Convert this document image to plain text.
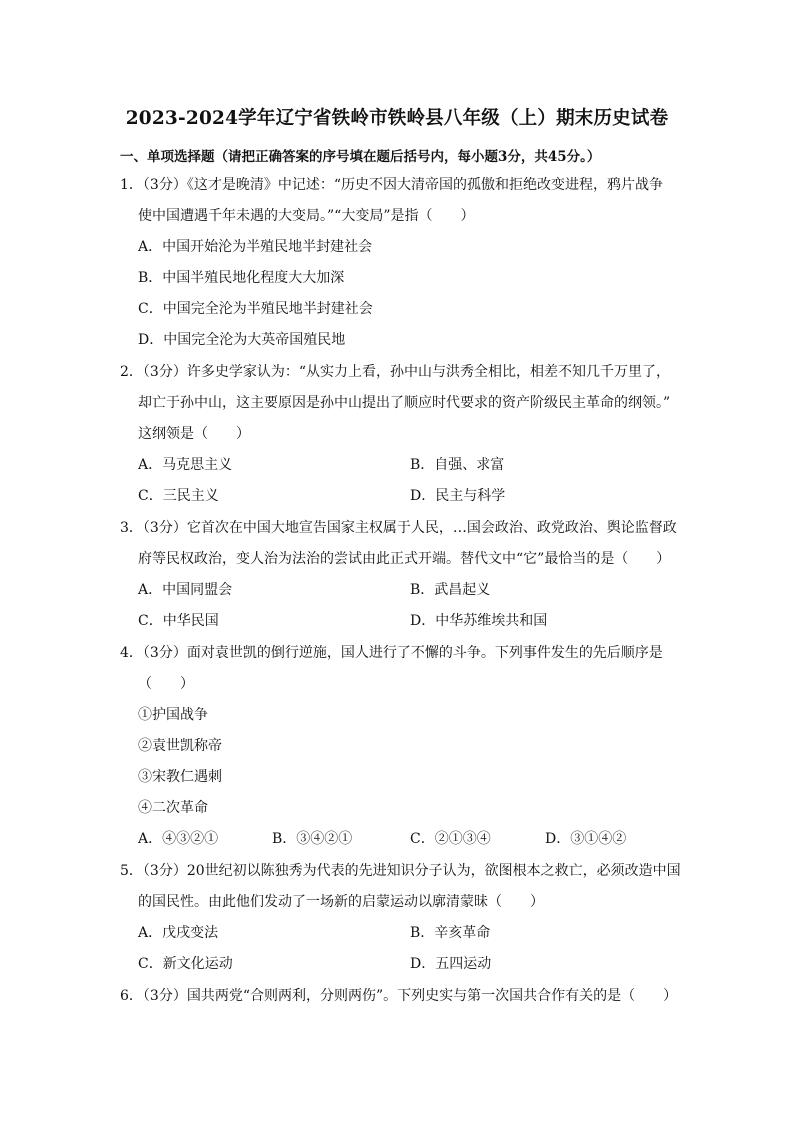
2023-2024学年辽宁省铁岭市铁岭县八年级（上）期末历史试卷
一、单项选择题（请把正确答案的序号填在题后括号内，每小题3分，共45分。）
1．（3分）《这才是晚清》中记述：“历史不因大清帝国的孤傲和拒绝改变进程，鸦片战争
使中国遭遇千年未遇的大变局。”“大变局”是指（　　）
A．中国开始沦为半殖民地半封建社会
B．中国半殖民地化程度大大加深
C．中国完全沦为半殖民地半封建社会
D．中国完全沦为大英帝国殖民地
2．（3分）许多史学家认为：“从实力上看，孙中山与洪秀全相比，相差不知几千万里了，
却亡于孙中山，这主要原因是孙中山提出了顺应时代要求的资产阶级民主革命的纲领。”
这纲领是（　　）
A．马克思主义	B．自强、求富
C．三民主义	D．民主与科学
3．（3分）它首次在中国大地宣告国家主权属于人民，…国会政治、政党政治、舆论监督政
府等民权政治，变人治为法治的尝试由此正式开端。替代文中“它”最恰当的是（　　）
A．中国同盟会	B．武昌起义
C．中华民国	D．中华苏维埃共和国
4．（3分）面对袁世凯的倒行逆施，国人进行了不懈的斗争。下列事件发生的先后顺序是
（　　）
①护国战争
②袁世凯称帝
③宋教仁遇刺
④二次革命
A．④③②①	B．③④②①	C．②①③④	D．③①④②
5．（3分）20世纪初以陈独秀为代表的先进知识分子认为，欲图根本之救亡，必须改造中国
的国民性。由此他们发动了一场新的启蒙运动以廓清蒙昧（　　）
A．戊戌变法	B．辛亥革命
C．新文化运动	D．五四运动
6．（3分）国共两党“合则两利，分则两伤”。下列史实与第一次国共合作有关的是（　　）
